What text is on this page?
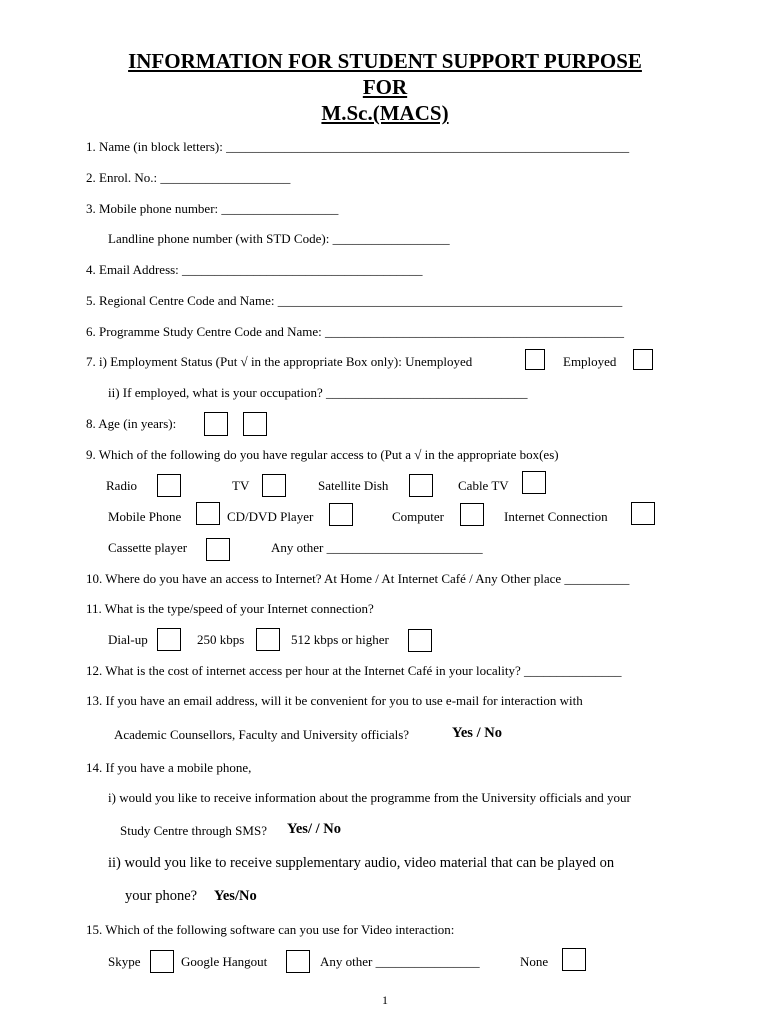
INFORMATION FOR STUDENT SUPPORT PURPOSE
FOR
M.Sc.(MACS)
1. Name (in block letters): ______________________________________________________________
2. Enrol. No.: ____________________
3. Mobile phone number: __________________
Landline phone number (with STD Code): __________________
4. Email Address: _____________________________________
5. Regional Centre Code and Name: _____________________________________________________
6. Programme Study Centre Code and Name: ______________________________________________
7. i) Employment Status (Put √ in the appropriate Box only): Unemployed	Employed
ii) If employed, what is your occupation? _______________________________
8. Age (in years):
9. Which of the following do you have regular access to (Put a √ in the appropriate box(es)
Radio	TV	Satellite Dish	Cable TV
Mobile Phone	CD/DVD Player	Computer	Internet Connection
Cassette player	Any other ________________________
10. Where do you have an access to Internet? At Home / At Internet Café / Any Other place __________
11. What is the type/speed of your Internet connection?
Dial-up	250 kbps	512 kbps or higher
12. What is the cost of internet access per hour at the Internet Café in your locality? _______________
13. If you have an email address, will it be convenient for you to use e-mail for interaction with
Academic Counsellors, Faculty and University officials?	Yes / No
14. If you have a mobile phone,
i) would you like to receive information about the programme from the University officials and your
Study Centre through SMS? Yes/ / No
ii) would you like to receive supplementary audio, video material that can be played on
your phone? Yes/No
15. Which of the following software can you use for Video interaction:
Skype	Google Hangout	Any other ________________	None
1
